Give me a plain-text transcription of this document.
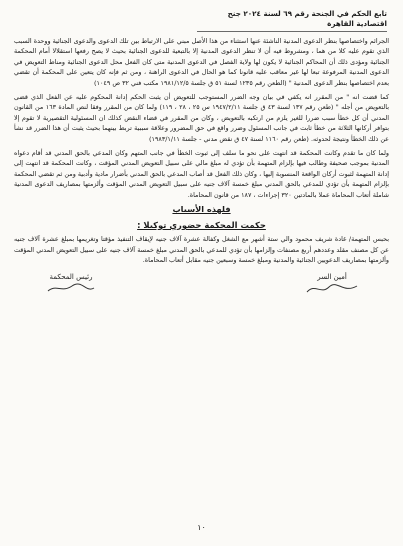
تابع الحكم في الجنحة رقم ٦٩ لسنة ٢٠٢٤ جنح اقتصادية القاهرة

الجرائم واختصاصها بنظر الدعوى المدنية الناشئة عنها استثناء من هذا الأصل مبني على الارتباط بين تلك الدعوى والدعوى الجنائية ووحدة السبب الذي تقوم عليه كلا من هما ، ومشروط فيه أن لا تنظر الدعوى المدنية إلا بالتبعية للدعوى الجنائية بحيث لا يصح رفعها استقلالا أمام المحكمة الجنائية ومؤدى ذلك أن المحاكم الجنائية لا يكون لها ولاية الفصل في الدعوى المدنية متى كان الفعل محل الدعوى الجنائية ومناط التعويض في الدعوى المدنية المرفوعة تبعا لها غير معاقب عليه قانونا كما هو الحال في الدعوى الراهنة ، ومن ثم فإنه كان يتعين على المحكمة أن تقضي بعدم اختصاصها بنظر الدعوى المدنية " (الطعن رقم ١٢٣٥ لسنة ٥١ ق جلسة ١٩٨١/١٢/٥ مكتب فني ٣٢ ص ١٠٤٩)

كما قضت انه " من المقرر انه يكفي في بيان وجه الضرر المستوجب للتعويض أن يثبت الحكم إدانة المحكوم عليه عن الفعل الذي قضى بالتعويض من أجله " (طعن رقم ١٣٧ لسنة ٤٣ ق جلسة ١٩٤٧/٢/١١ س ٢٥ ، ٢٨ ، ١١٩) ولما كان من المقرر وفقا لنص المادة ١٦٣ من القانون المدني أن كل خطأ سبب ضررا للغير يلزم من ارتكبه بالتعويض ، وكان من المقرر في قضاء النقض كذلك ان المسئولية التقصيرية لا تقوم إلا بتوافر أركانها الثلاثة من خطأ ثابت في جانب المسئول وضرر واقع في حق المضرور وعلاقة سببية تربط بينهما بحيث يثبت أن هذا الضرر قد نشأ عن ذلك الخطأ ونتيجة لحدوثه. (طعن رقم ١١٦٠ لسنة ٤٧ ق نقض مدني - جلسة ١٩٨٣/١/١١)

ولما كان ما تقدم وكانت المحكمة قد انتهت على نحو ما سلف إلى ثبوت الخطأ في جانب المتهم وكان المدعي بالحق المدني قد أقام دعواه المدنية بموجب صحيفة وطالب فيها بإلزام المتهمة بأن تؤدي له مبلغ مالي على سبيل التعويض المدني المؤقت ، وكانت المحكمة قد انتهت إلى إدانة المتهمة لثبوت أركان الواقعة المنسوبة إليها ، وكان ذلك الفعل قد أصاب المدعي بالحق المدني بأضرار مادية وأدبية ومن ثم تقضي المحكمة بإلزام المتهمة بأن تؤدي للمدعي بالحق المدني مبلغ خمسة آلاف جنيه على سبيل التعويض المدني المؤقت وألزمتها بمصاريف الدعوى المدنية شاملة أتعاب المحاماة عملا بالمادتين ٣٢٠ إجراءات ، ١٨٧ من قانون المحاماة.

فلهذه الأسباب
حكمت المحكمة حضوري توكيلا :

بحبس المتهمة/ غادة شريف محمود والي ستة أشهر مع الشغل وكفالة عشرة آلاف جنيه لإيقاف التنفيذ مؤقتا وتغريمها بمبلغ عشرة آلاف جنيه عن كل مصنف مقلد وعددهم أربع مصنفات وإلزامها بأن تؤدي للمدعي بالحق المدني مبلغ خمسة آلاف جنيه على سبيل التعويض المدني المؤقت وألزمتها بمصاريف الدعويين الجنائية والمدنية ومبلغ خمسة وسبعين جنيه مقابل أتعاب المحاماة.

أمين السر
رئيس المحكمة
١٠
